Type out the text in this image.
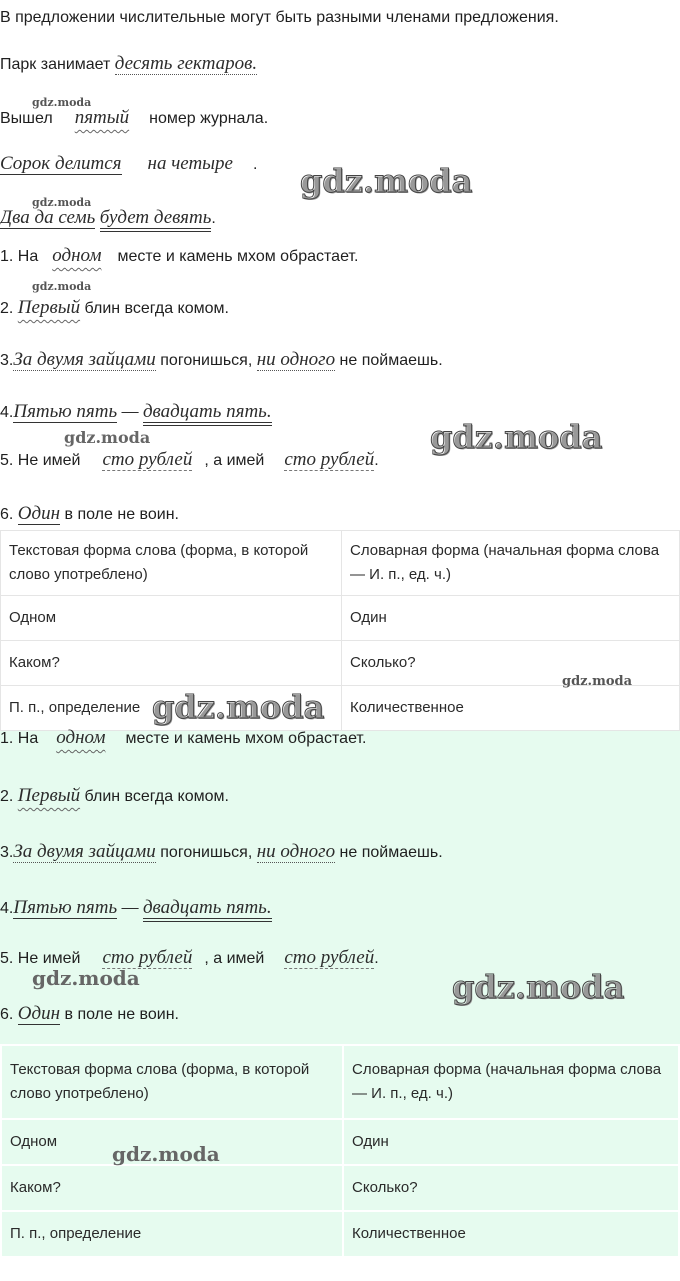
В предложении числительные могут быть разными членами предложения.
Парк занимает десять гектаров.
Вышел пятый номер журнала.
Сорок делится на четыре .
Два да семь будет девять.
1. На одном месте и камень мхом обрастает.
2. Первый блин всегда комом.
3.За двумя зайцами погонишься, ни одного не поймаешь.
4.Пятью пять — двадцать пять.
5. Не имей сто рублей , а имей сто рублей.
6. Один в поле не воин.
Текстовая форма слова (форма, в которой слово употреблено)	Словарная форма (начальная форма слова — И. п., ед. ч.)
Одном	Один
Каком?	Сколько?
П. п., определение	Количественное
1. На одном месте и камень мхом обрастает.
2. Первый блин всегда комом.
3.За двумя зайцами погонишься, ни одного не поймаешь.
4.Пятью пять — двадцать пять.
5. Не имей сто рублей , а имей сто рублей.
6. Один в поле не воин.
Текстовая форма слова (форма, в которой слово употреблено)	Словарная форма (начальная форма слова — И. п., ед. ч.)
Одном	Один
Каком?	Сколько?
П. п., определение	Количественное
gdz.moda
gdz.moda
gdz.moda
gdz.moda
gdz.moda	gdz.moda
gdz.moda
gdz.moda
gdz.moda	gdz.moda
gdz.moda
